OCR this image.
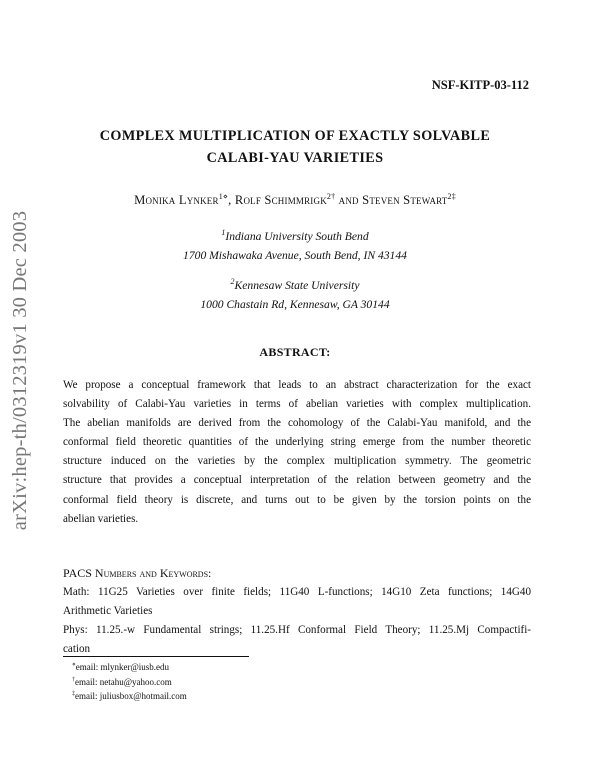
arXiv:hep-th/0312319v1 30 Dec 2003
NSF-KITP-03-112
COMPLEX MULTIPLICATION OF EXACTLY SOLVABLE
CALABI-YAU VARIETIES
Monika Lynker$^{1⋄}$, Rolf Schimmrigk$^{2\dagger}$ and Steven Stewart$^{2\ddagger}$
$^1$Indiana University South Bend
1700 Mishawaka Avenue, South Bend, IN 43144
$^2$Kennesaw State University
1000 Chastain Rd, Kennesaw, GA 30144
ABSTRACT:
We propose a conceptual framework that leads to an abstract characterization for the exact
solvability of Calabi-Yau varieties in terms of abelian varieties with complex multiplication.
The abelian manifolds are derived from the cohomology of the Calabi-Yau manifold, and the
conformal field theoretic quantities of the underlying string emerge from the number theoretic
structure induced on the varieties by the complex multiplication symmetry. The geometric
structure that provides a conceptual interpretation of the relation between geometry and the
conformal field theory is discrete, and turns out to be given by the torsion points on the
abelian varieties.
PACS Numbers and Keywords:
Math: 11G25 Varieties over finite fields; 11G40 L-functions; 14G10 Zeta functions; 14G40
Arithmetic Varieties
Phys: 11.25.-w Fundamental strings; 11.25.Hf Conformal Field Theory; 11.25.Mj Compactifi-
cation
⋄email: mlynker@iusb.edu
†email: netahu@yahoo.com
‡email: juliusbox@hotmail.com
